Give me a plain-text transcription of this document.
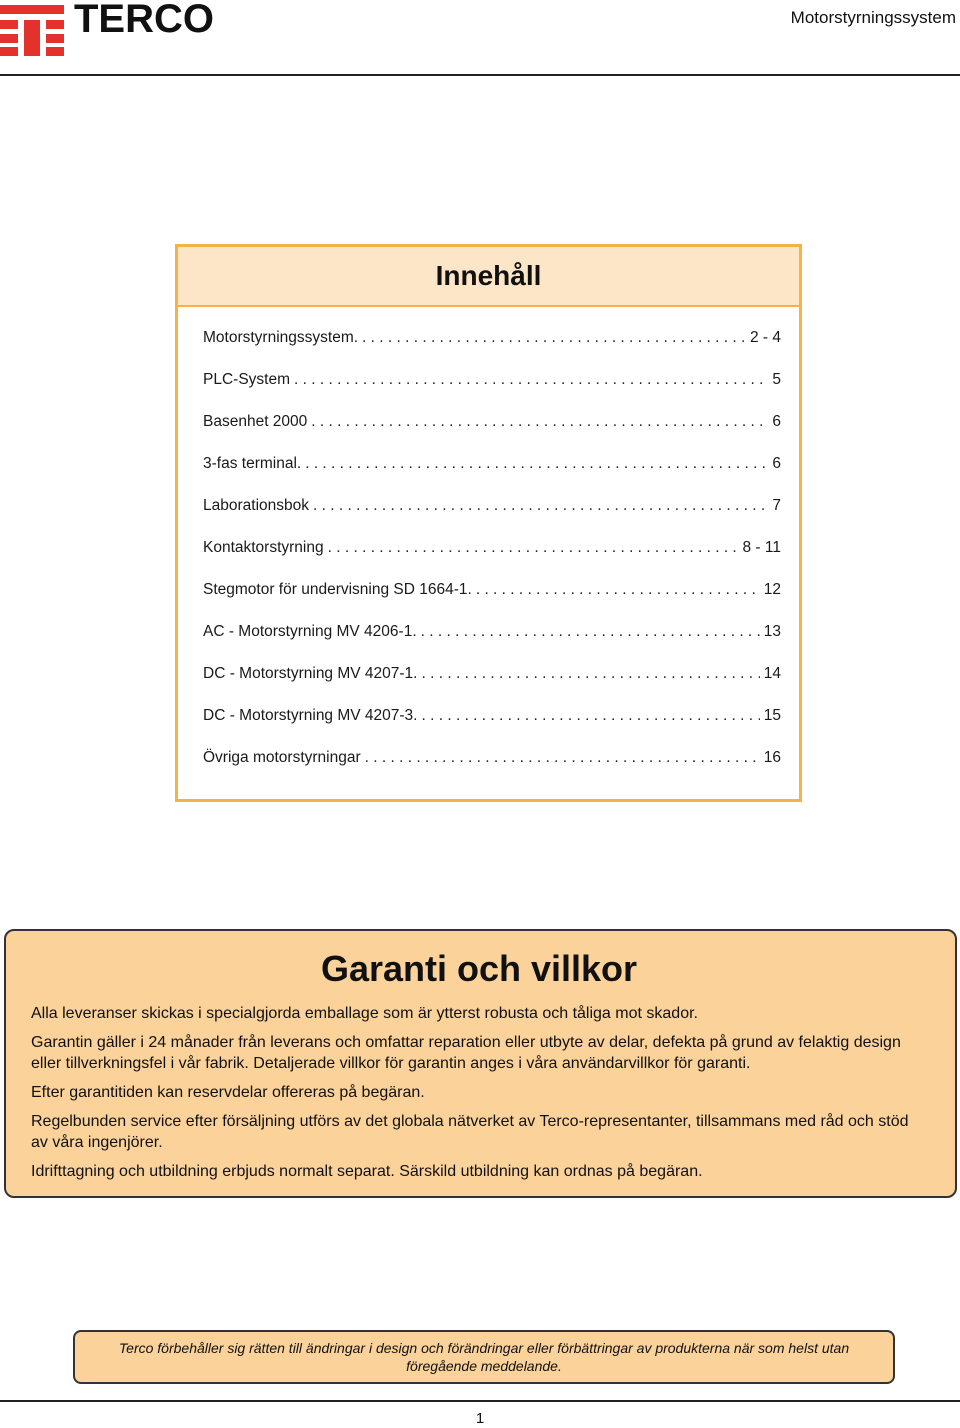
TERCO	Motorstyrningssystem
Innehåll
Motorstyrningssystem. . . .	2 - 4
PLC-System . . .	5
Basenhet 2000 . . .	6
3-fas terminal. . . .	6
Laborationsbok . . .	7
Kontaktorstyrning . . .	8 - 11
Stegmotor för undervisning SD 1664-1. . . .	12
AC - Motorstyrning MV 4206-1. . . .	13
DC - Motorstyrning MV 4207-1. . . .	14
DC - Motorstyrning MV 4207-3. . . .	15
Övriga motorstyrningar . . .	16
Garanti och villkor

Alla leveranser skickas i specialgjorda emballage som är ytterst robusta och tåliga mot skador.

Garantin gäller i 24 månader från leverans och omfattar reparation eller utbyte av delar, defekta på grund av felaktig design eller tillverkningsfel i vår fabrik. Detaljerade villkor för garantin anges i våra användarvillkor för garanti.

Efter garantitiden kan reservdelar offereras på begäran.

Regelbunden service efter försäljning utförs av det globala nätverket av Terco-representanter, tillsammans med råd och stöd av våra ingenjörer.

Idrifttagning och utbildning erbjuds normalt separat. Särskild utbildning kan ordnas på begäran.

Terco förbehåller sig rätten till ändringar i design och förändringar eller förbättringar av produkterna när som helst utan föregående meddelande.
1
